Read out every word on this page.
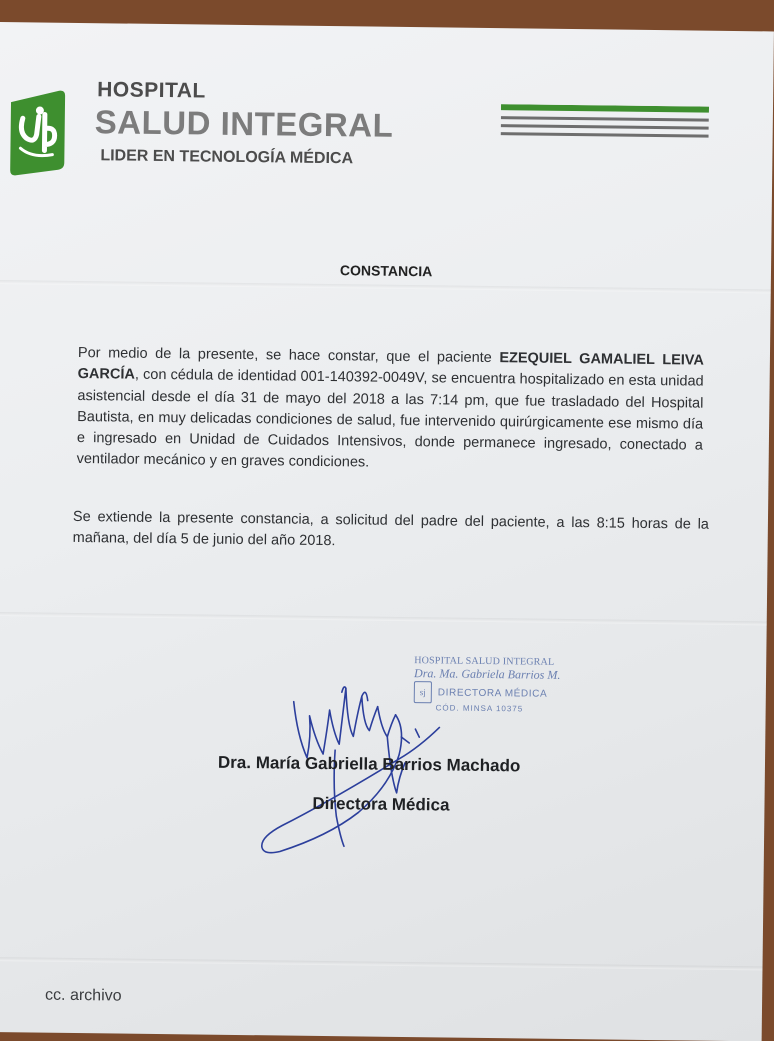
HOSPITAL
SALUD INTEGRAL
LIDER EN TECNOLOGÍA MÉDICA
CONSTANCIA
Por medio de la presente, se hace constar, que el paciente EZEQUIEL GAMALIEL LEIVA GARCÍA, con cédula de identidad 001-140392-0049V, se encuentra hospitalizado en esta unidad asistencial desde el día 31 de mayo del 2018 a las 7:14 pm, que fue trasladado del Hospital Bautista, en muy delicadas condiciones de salud, fue intervenido quirúrgicamente ese mismo día e ingresado en Unidad de Cuidados Intensivos, donde permanece ingresado, conectado a ventilador mecánico y en graves condiciones.
Se extiende la presente constancia, a solicitud del padre del paciente, a las 8:15 horas de la mañana, del día 5 de junio del año 2018.
HOSPITAL SALUD INTEGRAL
Dra. Ma. Gabriela Barrios M.
sj	DIRECTORA MÉDICA
CÓD. MINSA 10375
Dra. María Gabriella Barrios Machado
Directora Médica
cc. archivo
